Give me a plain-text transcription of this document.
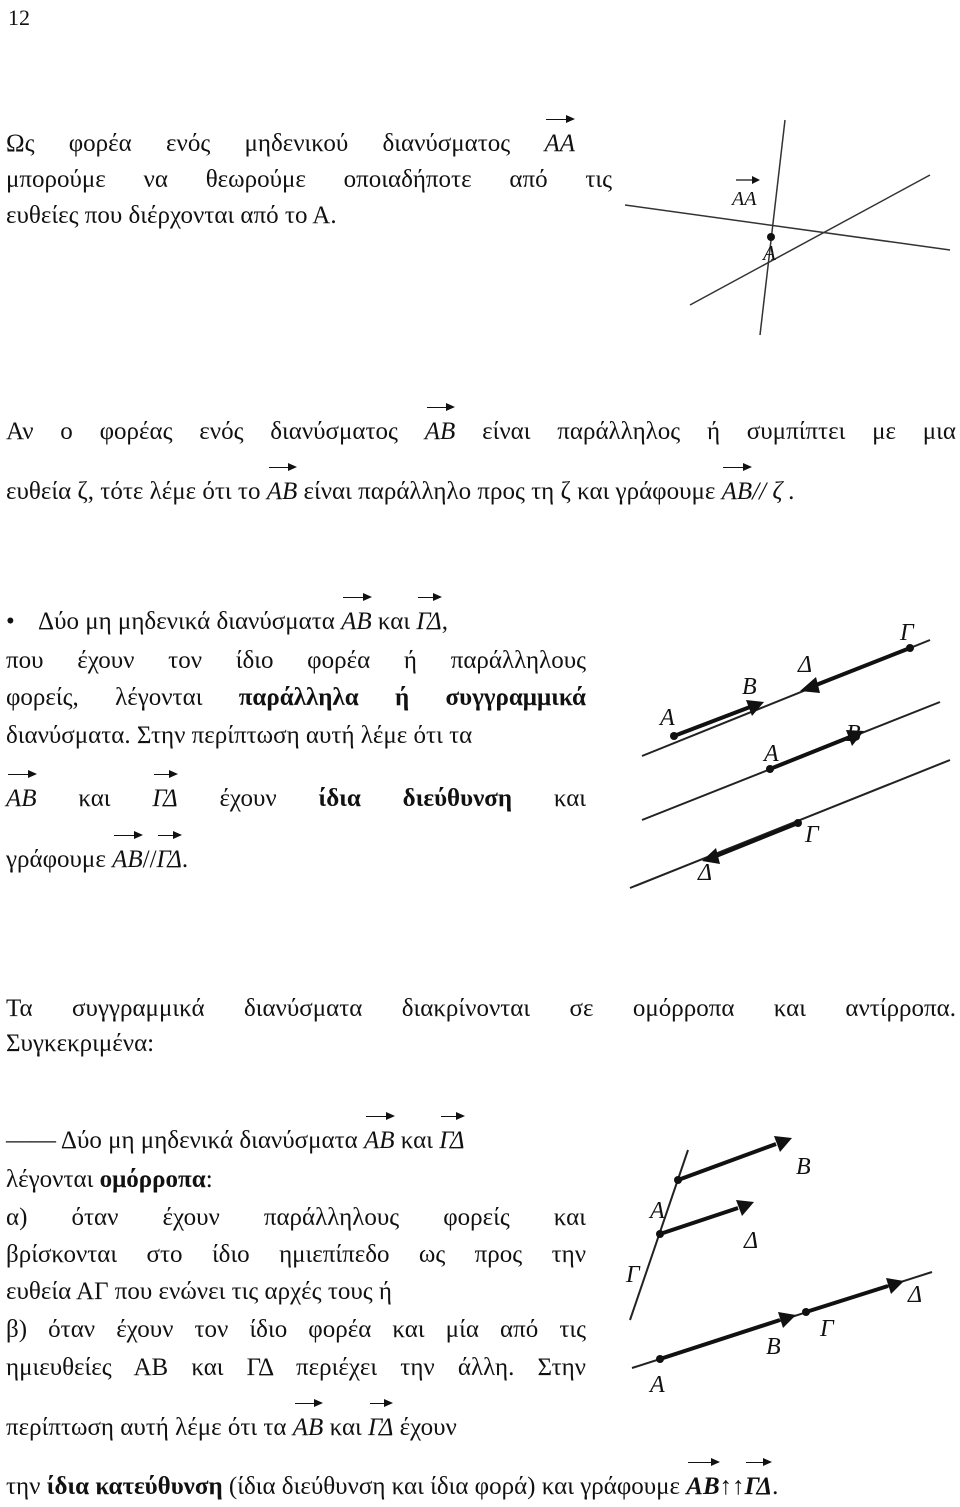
12
Ως φορέα ενός μηδενικού διανύσματος ΑΑ
μπορούμε να θεωρούμε οποιαδήποτε από τις
ευθείες που διέρχονται από το Α.
ΑΑ
Α
Αν ο φορέας ενός διανύσματος ΑΒ είναι παράλληλος ή συμπίπτει με μια
ευθεία ζ, τότε λέμε ότι το ΑΒ είναι παράλληλο προς τη ζ και γράφουμε ΑΒ// ζ .
• Δύο μη μηδενικά διανύσματα ΑΒ και ΓΔ,
που έχουν τον ίδιο φορέα ή παράλληλους
φορείς, λέγονται παράλληλα ή συγγραμμικά
διανύσματα. Στην περίπτωση αυτή λέμε ότι τα
ΑΒ και ΓΔ έχουν ίδια διεύθυνση και
γράφουμε ΑΒ//ΓΔ.
Α
Β
Δ
Γ
Α
Β
Γ
Δ
Τα συγγραμμικά διανύσματα διακρίνονται σε ομόρροπα και αντίρροπα.
Συγκεκριμένα:
—— Δύο μη μηδενικά διανύσματα ΑΒ και ΓΔ
λέγονται ομόρροπα:
α) όταν έχουν παράλληλους φορείς και
βρίσκονται στο ίδιο ημιεπίπεδο ως προς την
ευθεία ΑΓ που ενώνει τις αρχές τους ή
β) όταν έχουν τον ίδιο φορέα και μία από τις
ημιευθείες ΑΒ και ΓΔ περιέχει την άλλη. Στην
περίπτωση αυτή λέμε ότι τα ΑΒ και ΓΔ έχουν
την ίδια κατεύθυνση (ίδια διεύθυνση και ίδια φορά) και γράφουμε ΑΒ↑↑ΓΔ.
Α
Β
Δ
Γ
Α
Β
Γ
Δ
